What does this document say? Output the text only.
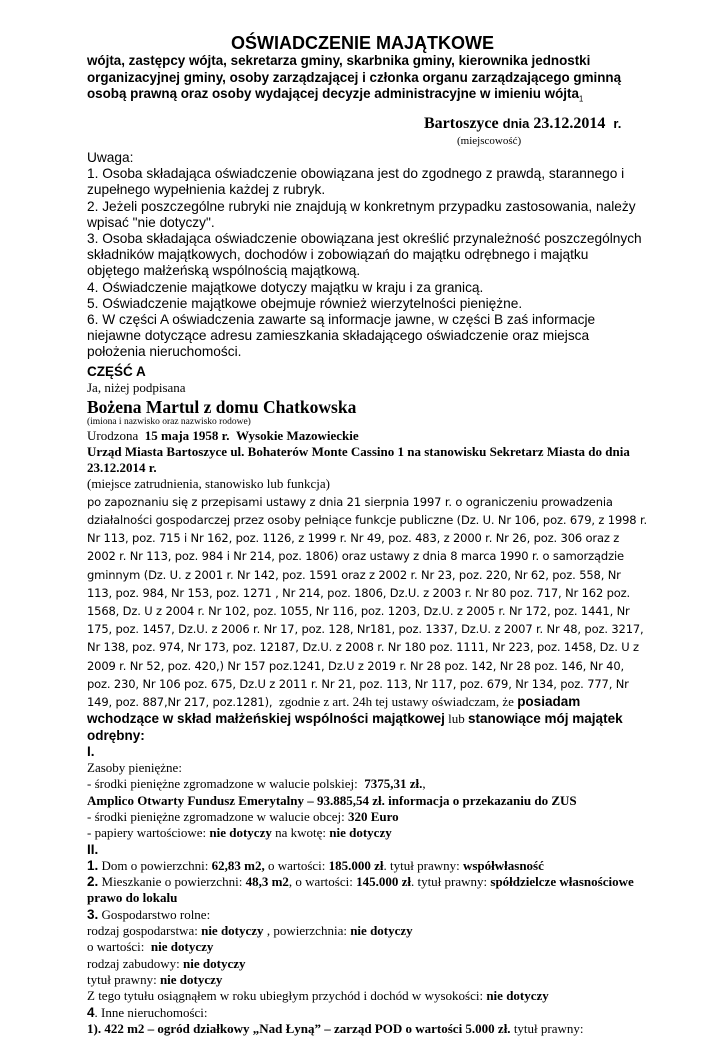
OŚWIADCZENIE MAJĄTKOWE

wójta, zastępcy wójta, sekretarza gminy, skarbnika gminy, kierownika jednostki organizacyjnej gminy, osoby zarządzającej i członka organu zarządzającego gminną osobą prawną oraz osoby wydającej decyzje administracyjne w imieniu wójta$_1$

Bartoszyce dnia 23.12.2014 r.
(miejscowość)

Uwaga:

1. Osoba składająca oświadczenie obowiązana jest do zgodnego z prawdą, starannego i zupełnego wypełnienia każdej z rubryk.

2. Jeżeli poszczególne rubryki nie znajdują w konkretnym przypadku zastosowania, należy wpisać "nie dotyczy".

3. Osoba składająca oświadczenie obowiązana jest określić przynależność poszczególnych składników majątkowych, dochodów i zobowiązań do majątku odrębnego i majątku objętego małżeńską wspólnością majątkową.

4. Oświadczenie majątkowe dotyczy majątku w kraju i za granicą.

5. Oświadczenie majątkowe obejmuje również wierzytelności pieniężne.

6. W części A oświadczenia zawarte są informacje jawne, w części B zaś informacje niejawne dotyczące adresu zamieszkania składającego oświadczenie oraz miejsca położenia nieruchomości.

CZĘŚĆ A

Ja, niżej podpisana

Bożena Martul z domu Chatkowska

(imiona i nazwisko oraz nazwisko rodowe)

Urodzona 15 maja 1958 r. Wysokie Mazowieckie

Urząd Miasta Bartoszyce ul. Bohaterów Monte Cassino 1 na stanowisku Sekretarz Miasta do dnia 23.12.2014 r.

(miejsce zatrudnienia, stanowisko lub funkcja)

po zapoznaniu się z przepisami ustawy z dnia 21 sierpnia 1997 r. o ograniczeniu prowadzenia działalności gospodarczej przez osoby pełniące funkcje publiczne (Dz. U. Nr 106, poz. 679, z 1998 r. Nr 113, poz. 715 i Nr 162, poz. 1126, z 1999 r. Nr 49, poz. 483, z 2000 r. Nr 26, poz. 306 oraz z 2002 r. Nr 113, poz. 984 i Nr 214, poz. 1806) oraz ustawy z dnia 8 marca 1990 r. o samorządzie gminnym (Dz. U. z 2001 r. Nr 142, poz. 1591 oraz z 2002 r. Nr 23, poz. 220, Nr 62, poz. 558, Nr 113, poz. 984, Nr 153, poz. 1271 , Nr 214, poz. 1806, Dz.U. z 2003 r. Nr 80 poz. 717, Nr 162 poz. 1568, Dz. U z 2004 r. Nr 102, poz. 1055, Nr 116, poz. 1203, Dz.U. z 2005 r. Nr 172, poz. 1441, Nr 175, poz. 1457, Dz.U. z 2006 r. Nr 17, poz. 128, Nr181, poz. 1337, Dz.U. z 2007 r. Nr 48, poz. 3217, Nr 138, poz. 974, Nr 173, poz. 12187, Dz.U. z 2008 r. Nr 180 poz. 1111, Nr 223, poz. 1458, Dz. U z 2009 r. Nr 52, poz. 420,) Nr 157 poz.1241, Dz.U z 2019 r. Nr 28 poz. 142, Nr 28 poz. 146, Nr 40, poz. 230, Nr 106 poz. 675, Dz.U z 2011 r. Nr 21, poz. 113, Nr 117, poz. 679, Nr 134, poz. 777, Nr 149, poz. 887,Nr 217, poz.1281), zgodnie z art. 24h tej ustawy oświadczam, że posiadam wchodzące w skład małżeńskiej wspólności majątkowej lub stanowiące mój majątek odrębny:

I.

Zasoby pieniężne:

- środki pieniężne zgromadzone w walucie polskiej: 7375,31 zł.,

Amplico Otwarty Fundusz Emerytalny – 93.885,54 zł. informacja o przekazaniu do ZUS

- środki pieniężne zgromadzone w walucie obcej: 320 Euro

- papiery wartościowe: nie dotyczy na kwotę: nie dotyczy

II.

1. Dom o powierzchni: 62,83 m2, o wartości: 185.000 zł. tytuł prawny: współwłasność

2. Mieszkanie o powierzchni: 48,3 m2, o wartości: 145.000 zł. tytuł prawny: spółdzielcze własnościowe prawo do lokalu

3. Gospodarstwo rolne:

rodzaj gospodarstwa: nie dotyczy , powierzchnia: nie dotyczy

o wartości: nie dotyczy

rodzaj zabudowy: nie dotyczy

tytuł prawny: nie dotyczy

Z tego tytułu osiągnąłem w roku ubiegłym przychód i dochód w wysokości: nie dotyczy

4. Inne nieruchomości:

1). 422 m2 – ogród działkowy „Nad Łyną” – zarząd POD o wartości 5.000 zł. tytuł prawny:
